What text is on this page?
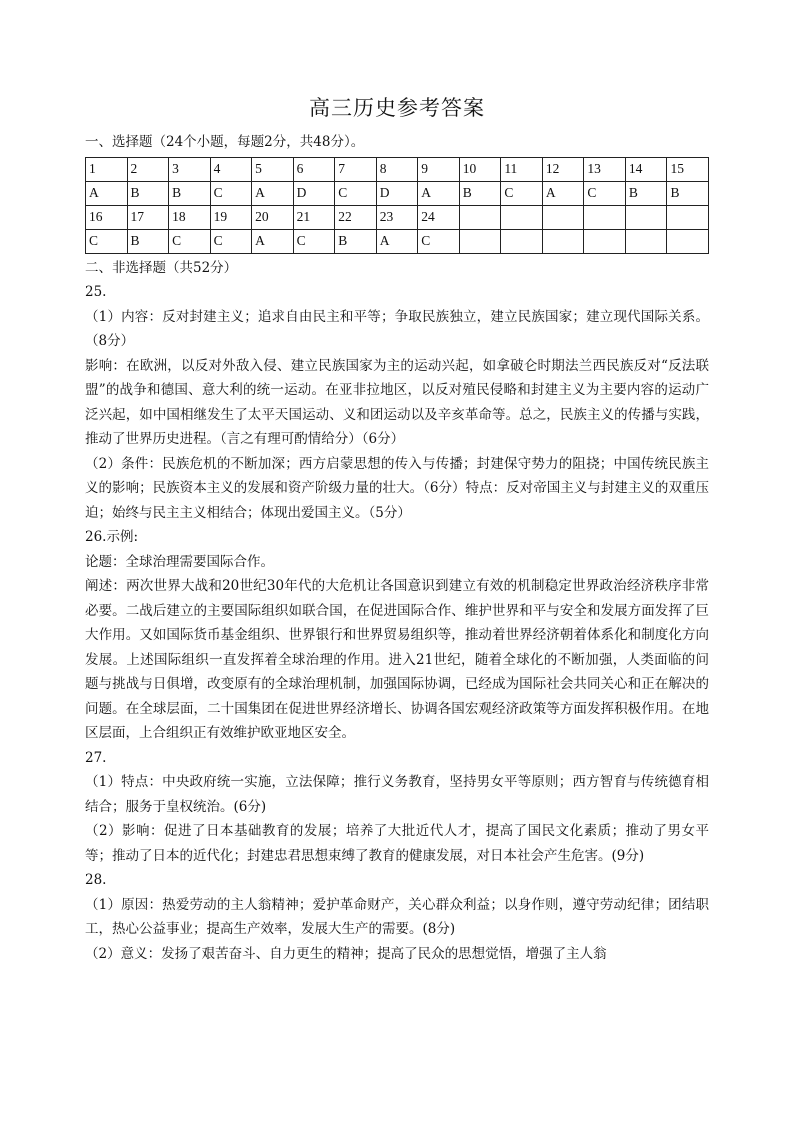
高三历史参考答案
一、选择题（24个小题，每题2分，共48分）。
1	2	3	4	5	6	7	8	9	10	11	12	13	14	15
A	B	B	C	A	D	C	D	A	B	C	A	C	B	B
16	17	18	19	20	21	22	23	24						
C	B	C	C	A	C	B	A	C						
二、非选择题（共52分）
25.
（1）内容：反对封建主义；追求自由民主和平等；争取民族独立，建立民族国家；建立现代国际关系。（8分）
影响：在欧洲，以反对外敌入侵、建立民族国家为主的运动兴起，如拿破仑时期法兰西民族反对“反法联盟”的战争和德国、意大利的统一运动。在亚非拉地区，以反对殖民侵略和封建主义为主要内容的运动广泛兴起，如中国相继发生了太平天国运动、义和团运动以及辛亥革命等。总之，民族主义的传播与实践，推动了世界历史进程。（言之有理可酌情给分）（6分）
（2）条件：民族危机的不断加深；西方启蒙思想的传入与传播；封建保守势力的阻挠；中国传统民族主义的影响；民族资本主义的发展和资产阶级力量的壮大。（6分）特点：反对帝国主义与封建主义的双重压迫；始终与民主主义相结合；体现出爱国主义。（5分）
26.示例:
论题：全球治理需要国际合作。
阐述：两次世界大战和20世纪30年代的大危机让各国意识到建立有效的机制稳定世界政治经济秩序非常必要。二战后建立的主要国际组织如联合国，在促进国际合作、维护世界和平与安全和发展方面发挥了巨大作用。又如国际货币基金组织、世界银行和世界贸易组织等，推动着世界经济朝着体系化和制度化方向发展。上述国际组织一直发挥着全球治理的作用。进入21世纪，随着全球化的不断加强，人类面临的问题与挑战与日俱增，改变原有的全球治理机制，加强国际协调，已经成为国际社会共同关心和正在解决的问题。在全球层面，二十国集团在促进世界经济增长、协调各国宏观经济政策等方面发挥积极作用。在地区层面，上合组织正有效维护欧亚地区安全。
27.
（1）特点：中央政府统一实施，立法保障；推行义务教育，坚持男女平等原则；西方智育与传统德育相结合；服务于皇权统治。(6分)
（2）影响：促进了日本基础教育的发展；培养了大批近代人才，提高了国民文化素质；推动了男女平等；推动了日本的近代化；封建忠君思想束缚了教育的健康发展，对日本社会产生危害。(9分)
28.
（1）原因：热爱劳动的主人翁精神；爱护革命财产，关心群众利益；以身作则，遵守劳动纪律；团结职工，热心公益事业；提高生产效率，发展大生产的需要。(8分)
（2）意义：发扬了艰苦奋斗、自力更生的精神；提高了民众的思想觉悟，增强了主人翁
